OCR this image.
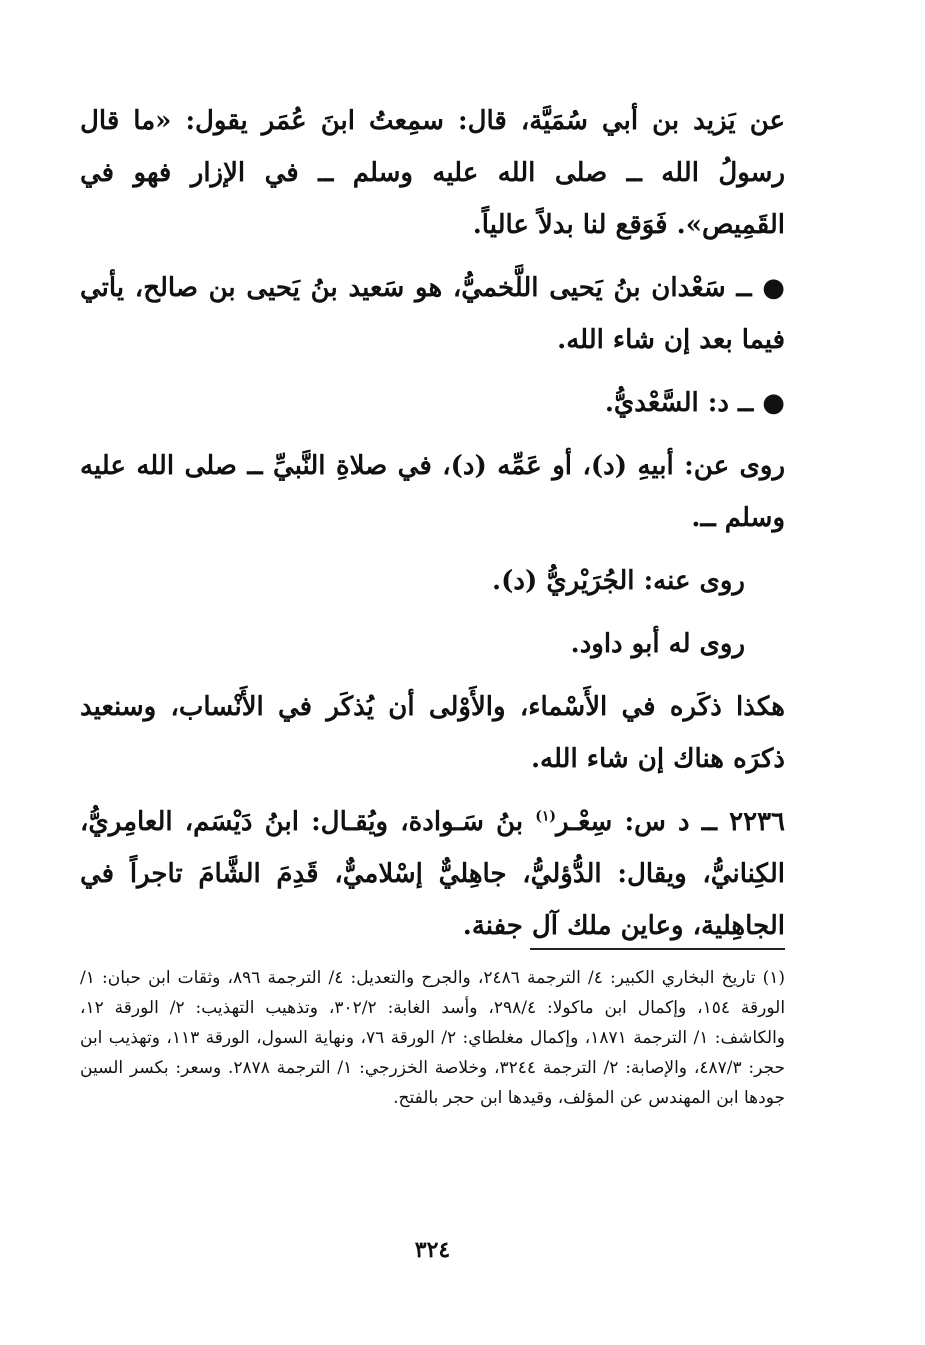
عن يَزيد بن أبي سُمَيَّة، قال: سمِعتُ ابنَ عُمَر يقول: «ما قال رسولُ الله ــ صلى الله عليه وسلم ــ في الإزار فهو في القَمِيص». فَوَقع لنا بدلاً عالياً.

● ــ سَعْدان بنُ يَحيى اللَّخميُّ، هو سَعيد بنُ يَحيى بن صالح، يأتي فيما بعد إن شاء الله.

● ــ د: السَّعْديُّ.

روى عن: أبيهِ (د)، أو عَمِّه (د)، في صلاةِ النَّبيِّ ــ صلى الله عليه وسلم ــ.

روى عنه: الجُرَيْريُّ (د).

روى له أبو داود.

هكذا ذكَره في الأَسْماء، والأَوْلى أن يُذكَر في الأَنْساب، وسنعيد ذكرَه هناك إن شاء الله.

٢٢٣٦ ــ د س: سِعْـر$^{(١)}$ بنُ سَـوادة، ويُقـال: ابنُ دَيْسَم، العامِريُّ، الكِنانيُّ، ويقال: الدُّؤليُّ، جاهِليٌّ إسْلاميٌّ، قَدِمَ الشَّامَ تاجراً في الجاهِلية، وعاين ملك آل جفنة.

(١) تاريخ البخاري الكبير: ٤/ الترجمة ٢٤٨٦، والجرح والتعديل: ٤/ الترجمة ٨٩٦، وثقات ابن حبان: ١/ الورقة ١٥٤، وإكمال ابن ماكولا: ٢٩٨/٤، وأسد الغابة: ٣٠٢/٢، وتذهيب التهذيب: ٢/ الورقة ١٢، والكاشف: ١/ الترجمة ١٨٧١، وإكمال مغلطاي: ٢/ الورقة ٧٦، ونهاية السول، الورقة ١١٣، وتهذيب ابن حجر: ٤٨٧/٣، والإصابة: ٢/ الترجمة ٣٢٤٤، وخلاصة الخزرجي: ١/ الترجمة ٢٨٧٨. وسعر: بكسر السين جودها ابن المهندس عن المؤلف، وقيدها ابن حجر بالفتح.

٣٢٤
